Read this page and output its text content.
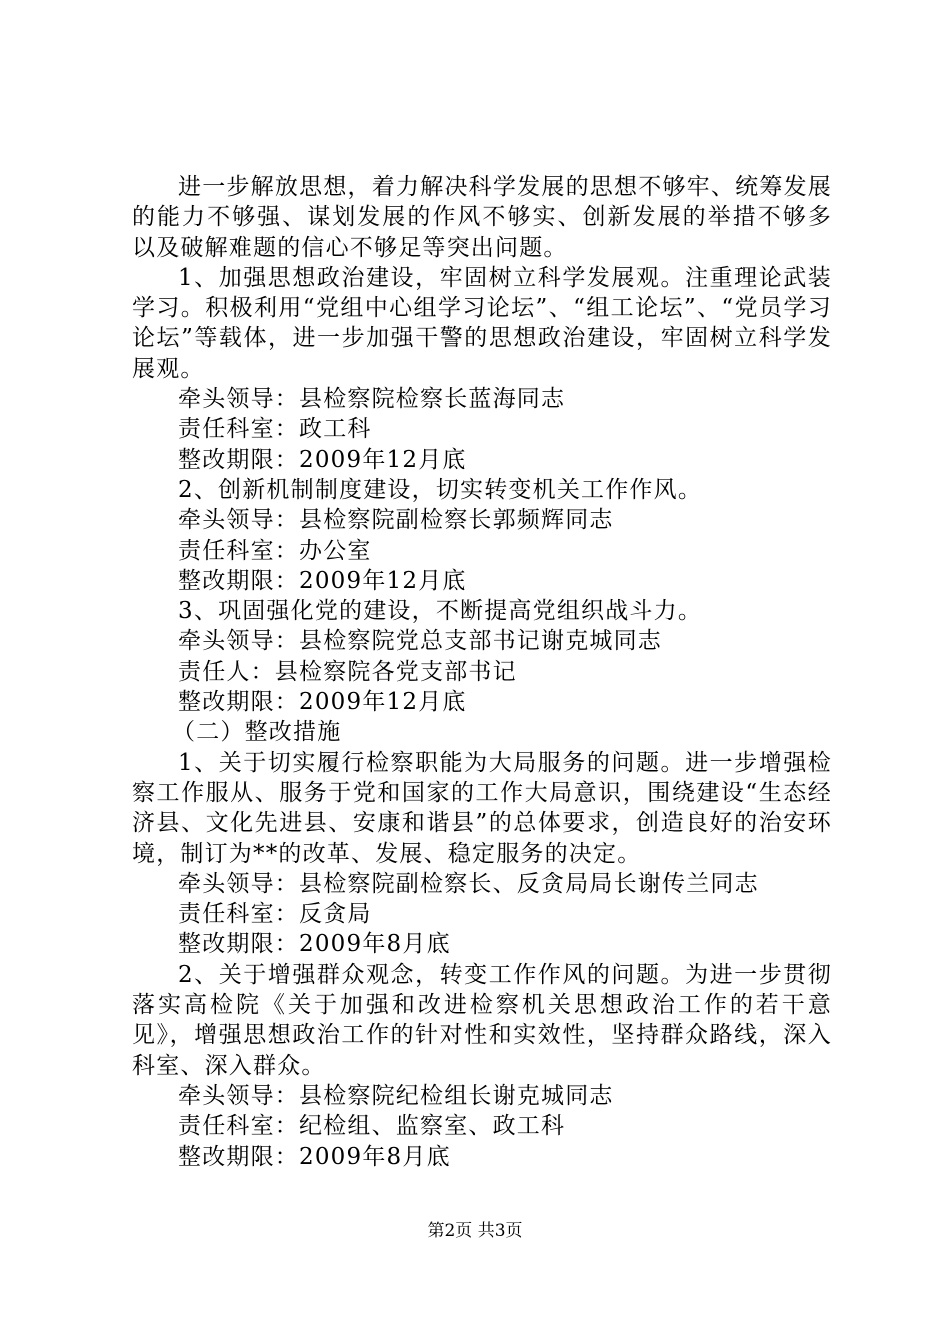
进一步解放思想，着力解决科学发展的思想不够牢、统筹发展的能力不够强、谋划发展的作风不够实、创新发展的举措不够多以及破解难题的信心不够足等突出问题。

1、加强思想政治建设，牢固树立科学发展观。注重理论武装学习。积极利用“党组中心组学习论坛”、“组工论坛”、“党员学习论坛”等载体，进一步加强干警的思想政治建设，牢固树立科学发展观。

牵头领导：县检察院检察长蓝海同志

责任科室：政工科

整改期限：2009年12月底

2、创新机制制度建设，切实转变机关工作作风。

牵头领导：县检察院副检察长郭频辉同志

责任科室：办公室

整改期限：2009年12月底

3、巩固强化党的建设，不断提高党组织战斗力。

牵头领导：县检察院党总支部书记谢克城同志

责任人：县检察院各党支部书记

整改期限：2009年12月底

（二）整改措施

1、关于切实履行检察职能为大局服务的问题。进一步增强检察工作服从、服务于党和国家的工作大局意识，围绕建设“生态经济县、文化先进县、安康和谐县”的总体要求，创造良好的治安环境，制订为**的改革、发展、稳定服务的决定。

牵头领导：县检察院副检察长、反贪局局长谢传兰同志

责任科室：反贪局

整改期限：2009年8月底

2、关于增强群众观念，转变工作作风的问题。为进一步贯彻落实高检院《关于加强和改进检察机关思想政治工作的若干意见》，增强思想政治工作的针对性和实效性，坚持群众路线，深入科室、深入群众。

牵头领导：县检察院纪检组长谢克城同志

责任科室：纪检组、监察室、政工科

整改期限：2009年8月底

第2页 共3页
